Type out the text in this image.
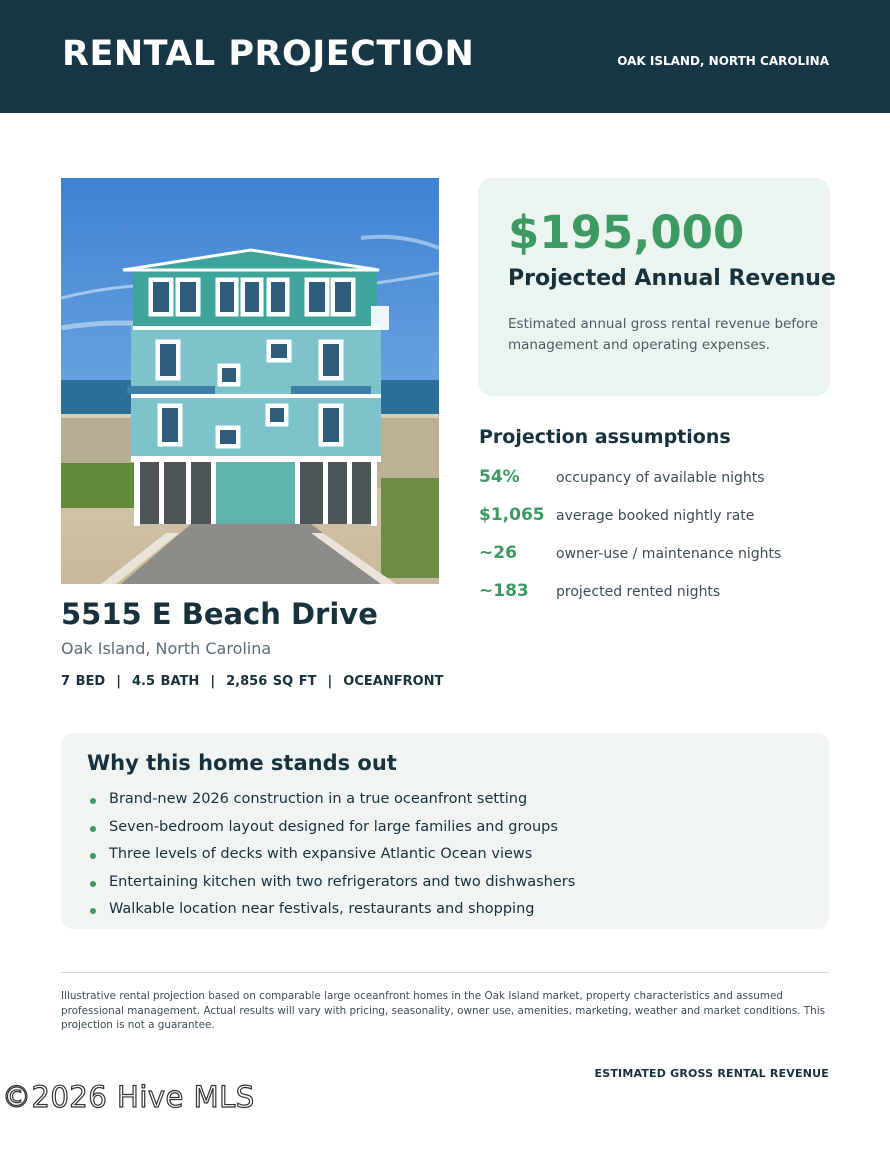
RENTAL PROJECTION	OAK ISLAND, NORTH CAROLINA
5515 E Beach Drive
Oak Island, North Carolina
7 BED  |  4.5 BATH  |  2,856 SQ FT  |  OCEANFRONT
$195,000
Projected Annual Revenue
Estimated annual gross rental revenue before management and operating expenses.
Projection assumptions
54%	occupancy of available nights
$1,065 average booked nightly rate
~26	owner-use / maintenance nights
~183 projected rented nights
Why this home stands out
Brand-new 2026 construction in a true oceanfront setting
Seven-bedroom layout designed for large families and groups
Three levels of decks with expansive Atlantic Ocean views
Entertaining kitchen with two refrigerators and two dishwashers
Walkable location near festivals, restaurants and shopping
Illustrative rental projection based on comparable large oceanfront homes in the Oak Island market, property characteristics and assumed professional management. Actual results will vary with pricing, seasonality, owner use, amenities, marketing, weather and market conditions. This projection is not a guarantee.
ESTIMATED GROSS RENTAL REVENUE
©2026 Hive MLS
